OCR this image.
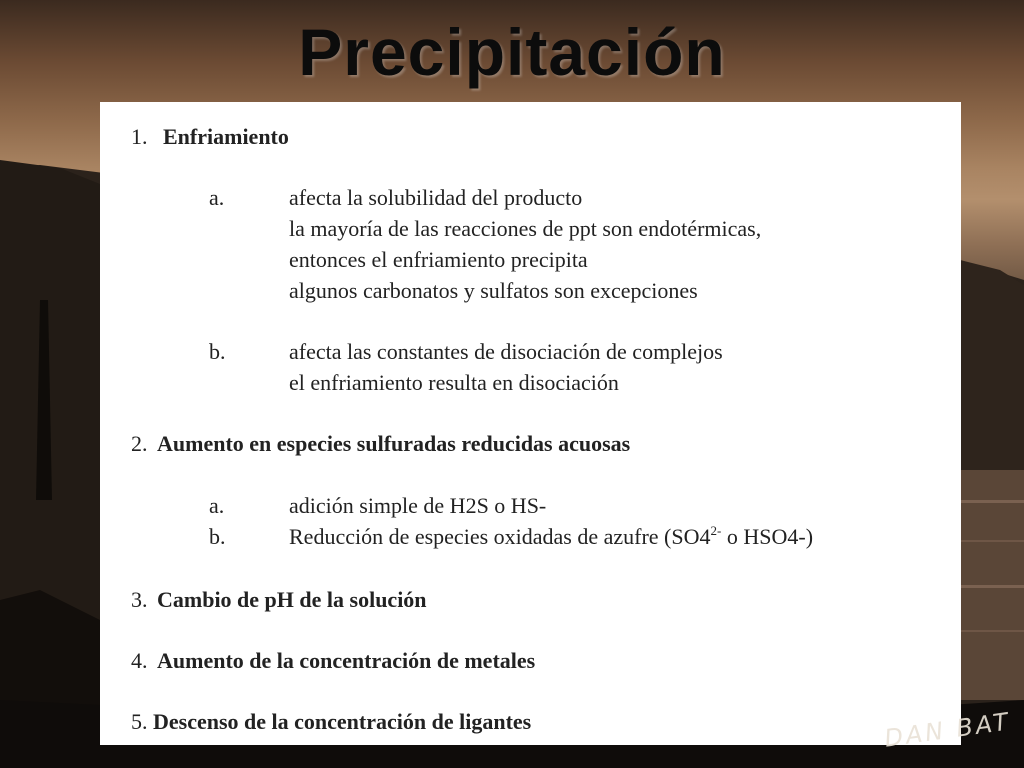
Precipitación
1. Enfriamiento
a.	afecta la solubilidad del producto
la mayoría de las reacciones de ppt son endotérmicas,
entonces el enfriamiento precipita
algunos carbonatos y sulfatos son excepciones
b.	afecta las constantes de disociación de complejos
el enfriamiento resulta en disociación
2. Aumento en especies sulfuradas reducidas acuosas
a.	adición simple de H2S o HS-
b.	Reducción de especies oxidadas de azufre ($SO4^{2-}$ o HSO4-)
3. Cambio de pH de la solución
4. Aumento de la concentración de metales
5. Descenso de la concentración de ligantes	DAN BAT
